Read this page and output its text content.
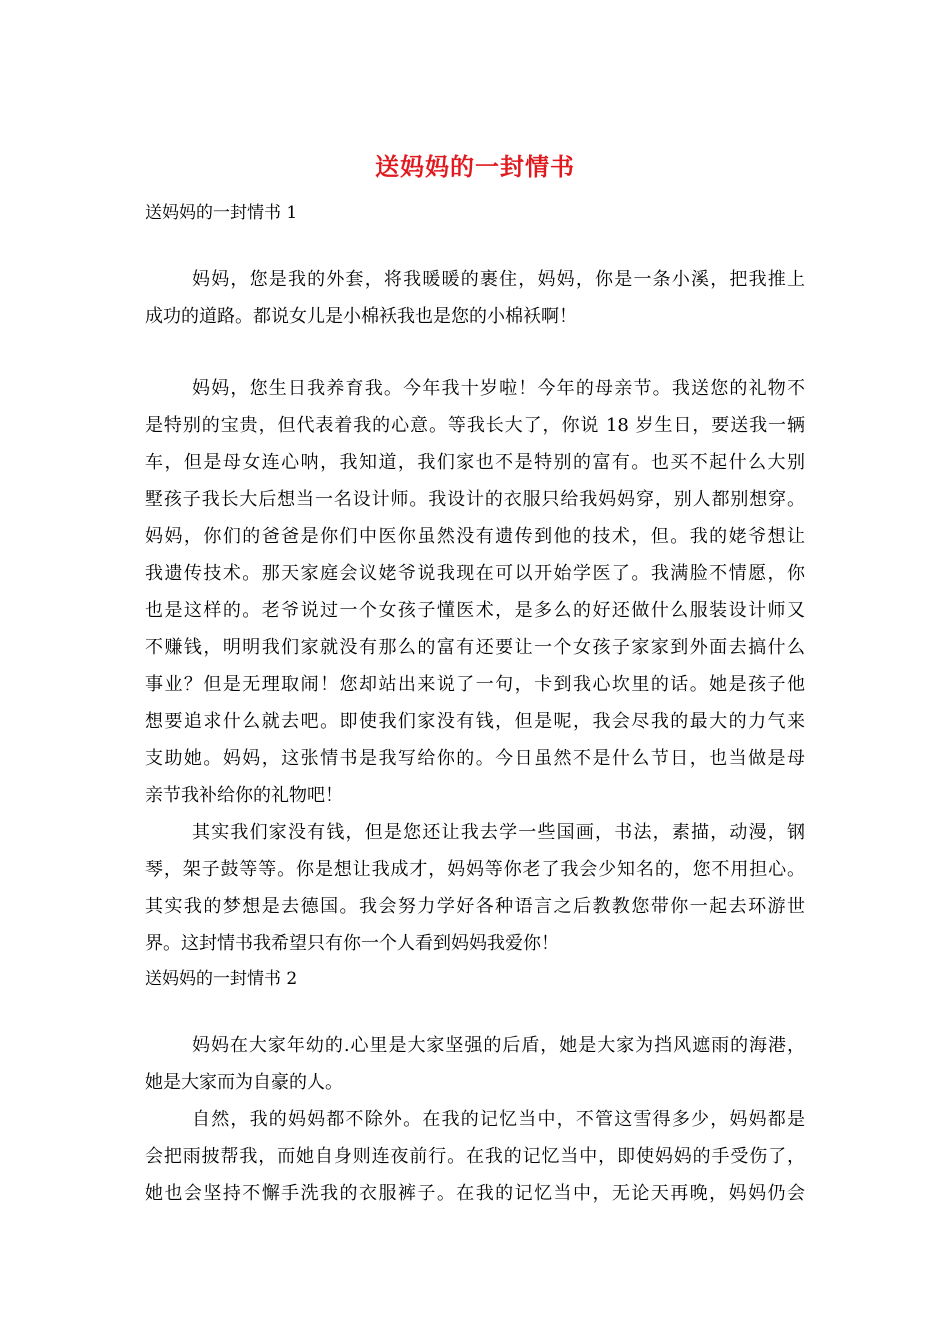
送妈妈的一封情书
送妈妈的一封情书 1
妈妈，您是我的外套，将我暖暖的裹住，妈妈，你是一条小溪，把我推上
成功的道路。都说女儿是小棉袄我也是您的小棉袄啊！
妈妈，您生日我养育我。今年我十岁啦！今年的母亲节。我送您的礼物不
是特别的宝贵，但代表着我的心意。等我长大了，你说 18 岁生日，要送我一辆
车，但是母女连心呐，我知道，我们家也不是特别的富有。也买不起什么大别
墅孩子我长大后想当一名设计师。我设计的衣服只给我妈妈穿，别人都别想穿。
妈妈，你们的爸爸是你们中医你虽然没有遗传到他的技术，但。我的姥爷想让
我遗传技术。那天家庭会议姥爷说我现在可以开始学医了。我满脸不情愿，你
也是这样的。老爷说过一个女孩子懂医术，是多么的好还做什么服装设计师又
不赚钱，明明我们家就没有那么的富有还要让一个女孩子家家到外面去搞什么
事业？但是无理取闹！您却站出来说了一句，卡到我心坎里的话。她是孩子他
想要追求什么就去吧。即使我们家没有钱，但是呢，我会尽我的最大的力气来
支助她。妈妈，这张情书是我写给你的。今日虽然不是什么节日，也当做是母
亲节我补给你的礼物吧！
其实我们家没有钱，但是您还让我去学一些国画，书法，素描，动漫，钢
琴，架子鼓等等。你是想让我成才，妈妈等你老了我会少知名的，您不用担心。
其实我的梦想是去德国。我会努力学好各种语言之后教教您带你一起去环游世
界。这封情书我希望只有你一个人看到妈妈我爱你！
送妈妈的一封情书 2
妈妈在大家年幼的.心里是大家坚强的后盾，她是大家为挡风遮雨的海港，
她是大家而为自豪的人。
自然，我的妈妈都不除外。在我的记忆当中，不管这雪得多少，妈妈都是
会把雨披帮我，而她自身则连夜前行。在我的记忆当中，即使妈妈的手受伤了，
她也会坚持不懈手洗我的衣服裤子。在我的记忆当中，无论天再晚，妈妈仍会
